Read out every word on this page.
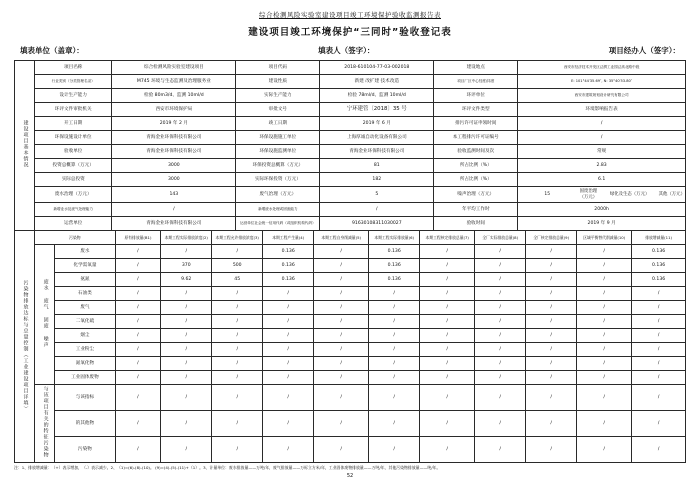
综合检测风险实验室建设项目竣工环境保护验收监测报告表
建设项目竣工环境保护“三同时”验收登记表
填表单位（盖章）：	填表人（签字）：	项目经办人（签字）：
建设项目基本情况	项目名称	综合检测风险实验室建设项目	项目代码	2018-610104-77-03-002018	建设地点	西安市经济技术开发区泾渭工业园泾高北路中段
行业类别（分类管理名录）	M745 环境与生态监测及治理服务业	建设性质	新建 改扩建 技术改造	项目厂区中心经度/纬度	E: 101°44′35.69″, N: 35°40′53.80″
设计生产能力	检验 80m3/d、监测 10ml/d	实际生产能力	检验 78ml/d、监测 10ml/d	环评单位	西安市建筑规划设计研究有限公司
环评文件审批机关	西安市环境保护局	审批文号	宁环建管〔2018〕35 号	环评文件类型	环境影响报告表
开工日期	2019 年 2 月	竣工日期	2019 年 6 月	排污许可证申领时间	/
环保设施设计单位	青海金业环保科技有限公司	环保设施施工单位	上海厚诚自动化设备有限公司	本工程排污许可证编号	/
验收单位	青海金业环保科技有限公司	环保设施监测单位	青海金业环保科技有限公司	验收监测时间及次	常规
投资总概算（万元）	3000	环保投资总概算（万元）	81	所占比例（%）	2.83
实际总投资	3000	实际环保投资（万元）	182	所占比例（%）	6.1
废水治理（万元）	143	废气治理（万元）	5	噪声治理（万元）		15	固废治理（万元）	绿化及生态（万元）	其他（万元）

新增业水及废气处理能力	/	新增废水处理或固废能力	/	年平均工作时	2000h
运营单位	青海金业环保科技有限公司	运营单位社会统一信用代码（或组织机构代码）	91630108311030027	验收时间	2019 年 9 月
污染物排放达标与总量控制（工业建设项目详填）	污染物		原有排放量(B1)	本期工程实际排放浓度(2)	本期工程允许排放浓度(3)	本期工程产生量(4)	本期工程自身削减量(5)	本期工程实际排放量(6)	本期工程核定排放总量(7)	全厂实际排放总量(8)	全厂核定排放总量(9)	区域平衡替代削减量(10)	排放增减量(11)
	废水 废气 固废 噪声	废水	/	/	/	0.136	/	0.136	/	/	/	/	0.136
		化学需氧量	/	370	500	0.136	/	0.136	/	/	/	/	0.136
		氨氮	/	9.62	45	0.136	/	0.136	/	/	/	/	0.136
		石油类	/	/	/	/	/	/	/	/	/	/	/
		废气	/	/	/	/	/	/	/	/	/	/	/
		二氧化硫	/	/	/	/	/	/	/	/	/	/	/
		烟尘	/	/	/	/	/	/	/	/	/	/	/
		工业粉尘	/	/	/	/	/	/	/	/	/	/	/
		氮氧化物	/	/	/	/	/	/	/	/	/	/	/
		工业固体废物	/	/	/	/	/	/	/	/	/	/	/
	与该项目有关的特征污染物	与该指标	/	/	/	/	/	/	/	/	/	/	/
		的其他物	/	/	/	/	/	/	/	/	/	/	/
		污染物	/	/	/	/	/	/	/	/	/	/	/
注：1、排放增减量：（+）表示增加，（-）表示减少。2、（1)=(6)-(8)-(10)。 (9)=(4)-(5)-(11)+（1）。3、计量单位：废水排放量——万吨/年，废气排放量——万标立方米/年，工业固体废物排放量——万吨/年，其他污染物排放量——吨/年。
52
